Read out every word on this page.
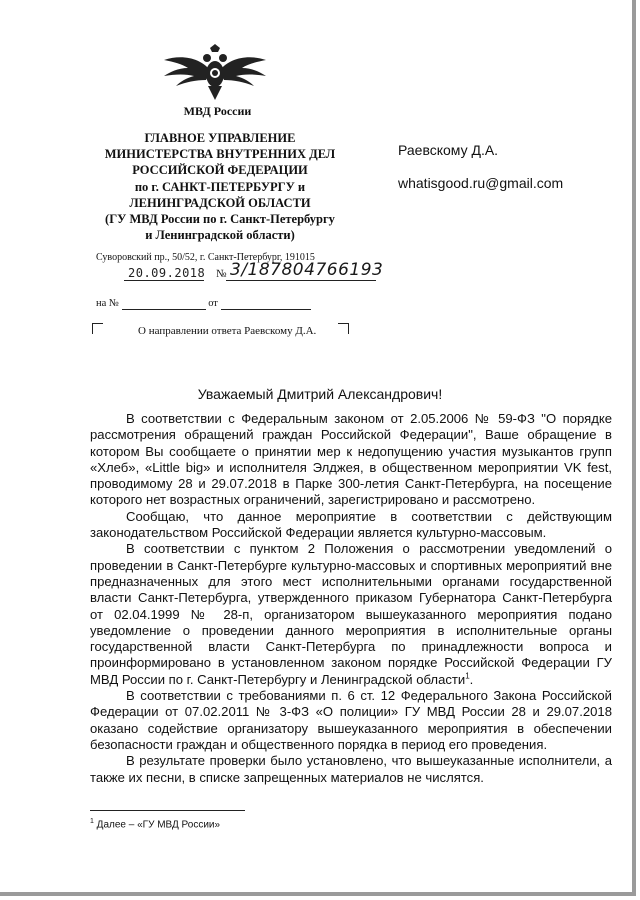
МВД России
ГЛАВНОЕ УПРАВЛЕНИЕ
МИНИСТЕРСТВА ВНУТРЕННИХ ДЕЛ
РОССИЙСКОЙ ФЕДЕРАЦИИ
по г. САНКТ-ПЕТЕРБУРГУ и
ЛЕНИНГРАДСКОЙ ОБЛАСТИ
(ГУ МВД России по г. Санкт-Петербургу
и Ленинградской области)
Суворовский пр., 50/52, г. Санкт-Петербург, 191015
20.09.2018 № 3/187804766193
на №	от
О направлении ответа Раевскому Д.А.
Раевскому Д.А.
whatisgood.ru@gmail.com
Уважаемый Дмитрий Александрович!

В соответствии с Федеральным законом от 2.05.2006 № 59-ФЗ "О порядке рассмотрения обращений граждан Российской Федерации", Ваше обращение в котором Вы сообщаете о принятии мер к недопущению участия музыкантов групп «Хлеб», «Little big» и исполнителя Элджея, в общественном мероприятии VK fest, проводимому 28 и 29.07.2018 в Парке 300-летия Санкт-Петербурга, на посещение которого нет возрастных ограничений, зарегистрировано и рассмотрено.

Сообщаю, что данное мероприятие в соответствии с действующим законодательством Российской Федерации является культурно-массовым.

В соответствии с пунктом 2 Положения о рассмотрении уведомлений о проведении в Санкт-Петербурге культурно-массовых и спортивных мероприятий вне предназначенных для этого мест исполнительными органами государственной власти Санкт-Петербурга, утвержденного приказом Губернатора Санкт-Петербурга от 02.04.1999 № 28-п, организатором вышеуказанного мероприятия подано уведомление о проведении данного мероприятия в исполнительные органы государственной власти Санкт-Петербурга по принадлежности вопроса и проинформировано в установленном законом порядке Российской Федерации ГУ МВД России по г. Санкт-Петербургу и Ленинградской области$^1$.

В соответствии с требованиями п. 6 ст. 12 Федерального Закона Российской Федерации от 07.02.2011 № 3-ФЗ «О полиции» ГУ МВД России 28 и 29.07.2018 оказано содействие организатору вышеуказанного мероприятия в обеспечении безопасности граждан и общественного порядка в период его проведения.

В результате проверки было установлено, что вышеуказанные исполнители, а также их песни, в списке запрещенных материалов не числятся.

$^1$ Далее – «ГУ МВД России»
